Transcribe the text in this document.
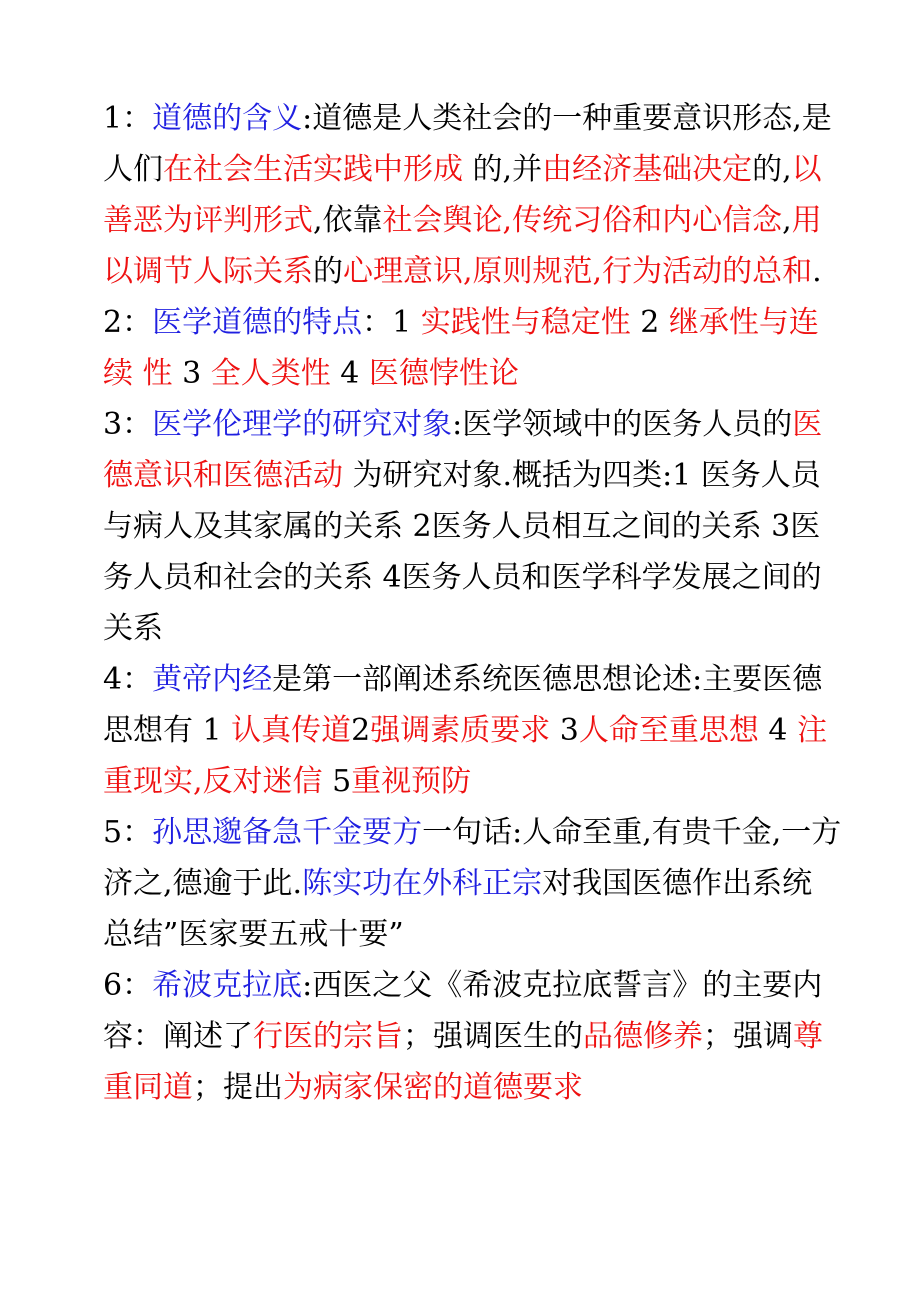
1：道德的含义:道德是人类社会的一种重要意识形态,是
人们在社会生活实践中形成 的,并由经济基础决定的,以
善恶为评判形式,依靠社会舆论,传统习俗和内心信念,用
以调节人际关系的心理意识,原则规范,行为活动的总和.
2：医学道德的特点：1 实践性与稳定性 2 继承性与连
续 性 3 全人类性 4 医德悖性论
3：医学伦理学的研究对象:医学领域中的医务人员的医
德意识和医德活动 为研究对象.概括为四类:1 医务人员
与病人及其家属的关系 2医务人员相互之间的关系 3医
务人员和社会的关系 4医务人员和医学科学发展之间的
关系
4：黄帝内经是第一部阐述系统医德思想论述:主要医德
思想有 1 认真传道2强调素质要求 3人命至重思想 4 注
重现实,反对迷信 5重视预防
5：孙思邈备急千金要方一句话:人命至重,有贵千金,一方
济之,德逾于此.陈实功在外科正宗对我国医德作出系统
总结”医家要五戒十要”
6：希波克拉底:西医之父《希波克拉底誓言》的主要内
容：阐述了行医的宗旨；强调医生的品德修养；强调尊
重同道；提出为病家保密的道德要求
